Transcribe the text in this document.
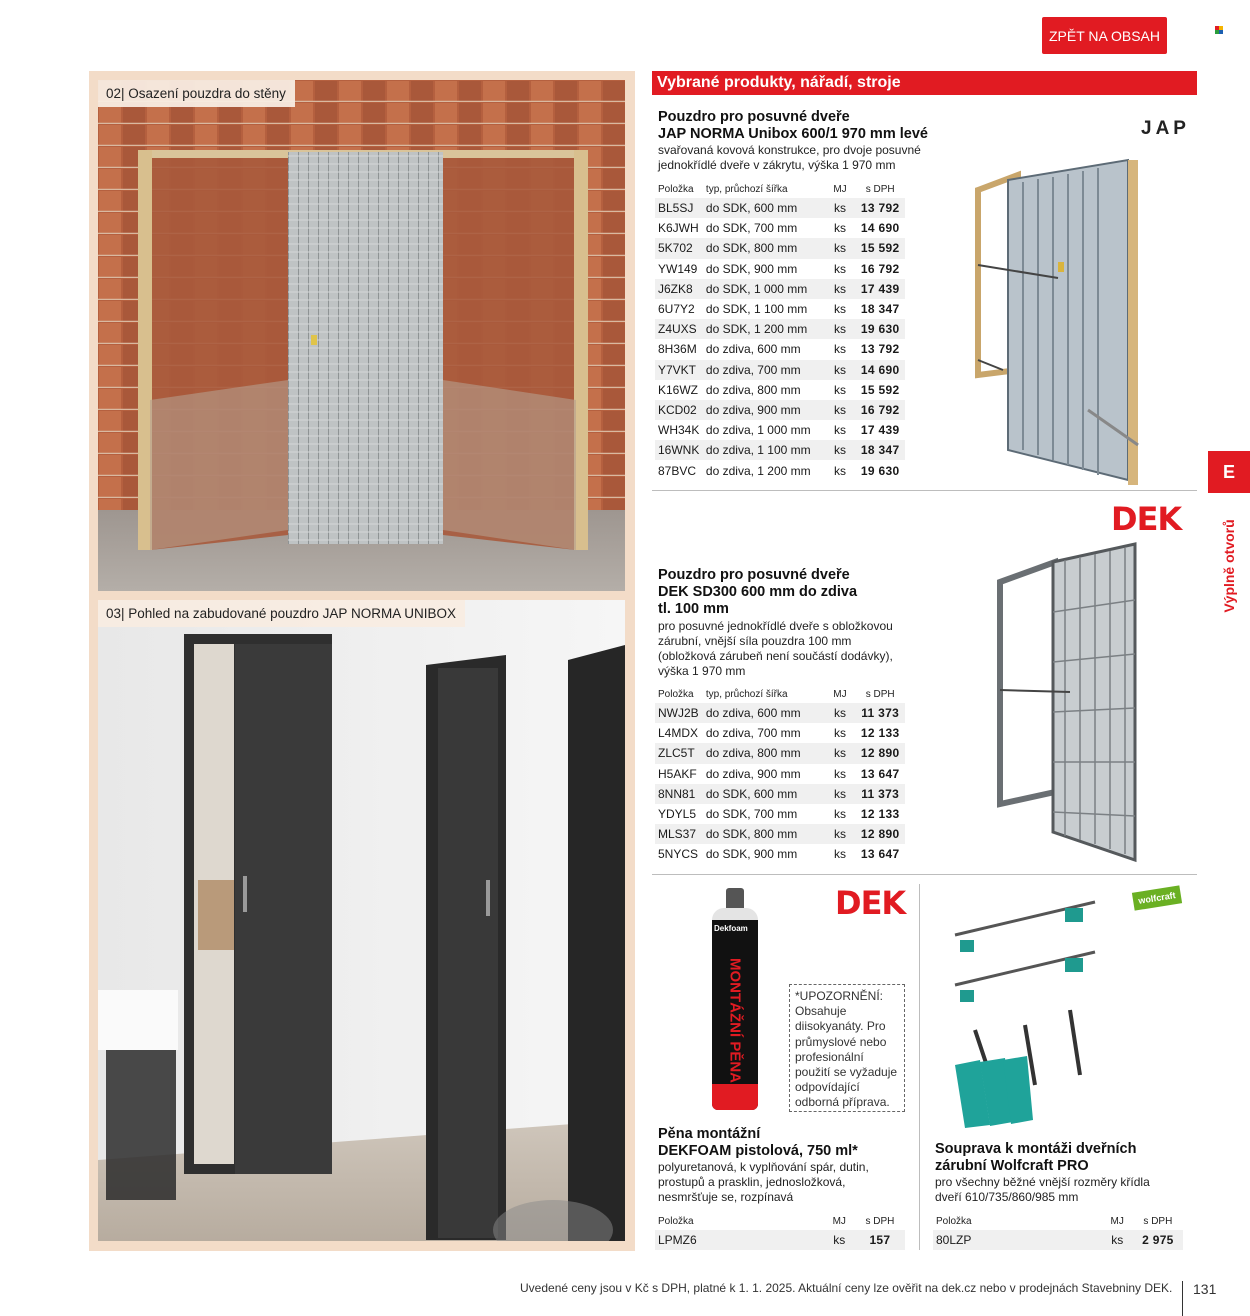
ZPĚT NA OBSAH
02| Osazení pouzdra do stěny
03| Pohled na zabudované pouzdro JAP NORMA UNIBOX
Vybrané produkty, nářadí, stroje
JAP
Pouzdro pro posuvné dveře
JAP NORMA Unibox 600/1 970 mm levé
svařovaná kovová konstrukce, pro dvoje posuvné
jednokřídlé dveře v zákrytu, výška 1 970 mm
Položka	typ, průchozí šířka	MJ	s DPH
BL5SJ	do SDK, 600 mm	ks	13 792
K6JWH	do SDK, 700 mm	ks	14 690
5K702	do SDK, 800 mm	ks	15 592
YW149	do SDK, 900 mm	ks	16 792
J6ZK8	do SDK, 1 000 mm	ks	17 439
6U7Y2	do SDK, 1 100 mm	ks	18 347
Z4UXS	do SDK, 1 200 mm	ks	19 630
8H36M	do zdiva, 600 mm	ks	13 792
Y7VKT	do zdiva, 700 mm	ks	14 690
K16WZ	do zdiva, 800 mm	ks	15 592
KCD02	do zdiva, 900 mm	ks	16 792
WH34K	do zdiva, 1 000 mm	ks	17 439
16WNK	do zdiva, 1 100 mm	ks	18 347
87BVC	do zdiva, 1 200 mm	ks	19 630
DEK
Pouzdro pro posuvné dveře
DEK SD300 600 mm do zdiva
tl. 100 mm
pro posuvné jednokřídlé dveře s obložkovou
zárubní, vnější síla pouzdra 100 mm
(obložková zárubeň není součástí dodávky),
výška 1 970 mm
Položka	typ, průchozí šířka	MJ	s DPH
NWJ2B	do zdiva, 600 mm	ks	11 373
L4MDX	do zdiva, 700 mm	ks	12 133
ZLC5T	do zdiva, 800 mm	ks	12 890
H5AKF	do zdiva, 900 mm	ks	13 647
8NN81	do SDK, 600 mm	ks	11 373
YDYL5	do SDK, 700 mm	ks	12 133
MLS37	do SDK, 800 mm	ks	12 890
5NYCS	do SDK, 900 mm	ks	13 647
DEK
Dekfoam
MONTÁŽNÍ PĚNA	*UPOZORNĚNÍ:
Obsahuje
diisokyanáty. Pro
průmyslové nebo
profesionální
použití se vyžaduje
odpovídající
odborná příprava.
Pěna montážní
DEKFOAM pistolová, 750 ml*
polyuretanová, k vyplňování spár, dutin,
prostupů a prasklin, jednosložková,
nesmršťuje se, rozpínavá
Položka		MJ	s DPH
LPMZ6		ks	157
wolfcraft
Souprava k montáži dveřních
zárubní Wolfcraft PRO
pro všechny běžné vnější rozměry křídla
dveří 610/735/860/985 mm
Položka		MJ	s DPH
80LZP		ks	2 975
E
Výplně otvorů
Uvedené ceny jsou v Kč s DPH, platné k 1. 1. 2025. Aktuální ceny lze ověřit na dek.cz nebo v prodejnách Stavebniny DEK. 131
